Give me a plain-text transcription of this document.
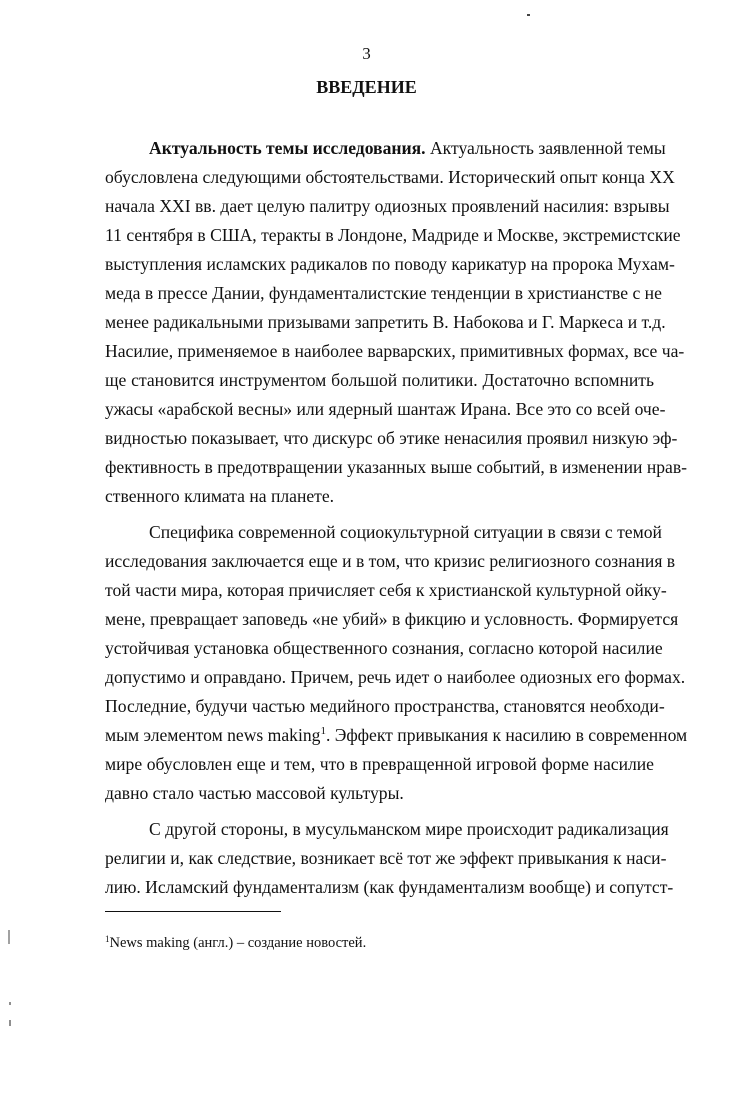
3
ВВЕДЕНИЕ
Актуальность темы исследования. Актуальность заявленной темы
обусловлена следующими обстоятельствами. Исторический опыт конца XX
начала XXI вв. дает целую палитру одиозных проявлений насилия: взрывы
11 сентября в США, теракты в Лондоне, Мадриде и Москве, экстремистские
выступления исламских радикалов по поводу карикатур на пророка Мухам-
меда в прессе Дании, фундаменталистские тенденции в христианстве с не
менее радикальными призывами запретить В. Набокова и Г. Маркеса и т.д.
Насилие, применяемое в наиболее варварских, примитивных формах, все ча-
ще становится инструментом большой политики. Достаточно вспомнить
ужасы «арабской весны» или ядерный шантаж Ирана. Все это со всей оче-
видностью показывает, что дискурс об этике ненасилия проявил низкую эф-
фективность в предотвращении указанных выше событий, в изменении нрав-
ственного климата на планете.
Специфика современной социокультурной ситуации в связи с темой
исследования заключается еще и в том, что кризис религиозного сознания в
той части мира, которая причисляет себя к христианской культурной ойку-
мене, превращает заповедь «не убий» в фикцию и условность. Формируется
устойчивая установка общественного сознания, согласно которой насилие
допустимо и оправдано. Причем, речь идет о наиболее одиозных его формах.
Последние, будучи частью медийного пространства, становятся необходи-
мым элементом news making$^1$. Эффект привыкания к насилию в современном
мире обусловлен еще и тем, что в превращенной игровой форме насилие
давно стало частью массовой культуры.
С другой стороны, в мусульманском мире происходит радикализация
религии и, как следствие, возникает всё тот же эффект привыкания к наси-
лию. Исламский фундаментализм (как фундаментализм вообще) и сопутст-
$^1$News making (англ.) – создание новостей.
